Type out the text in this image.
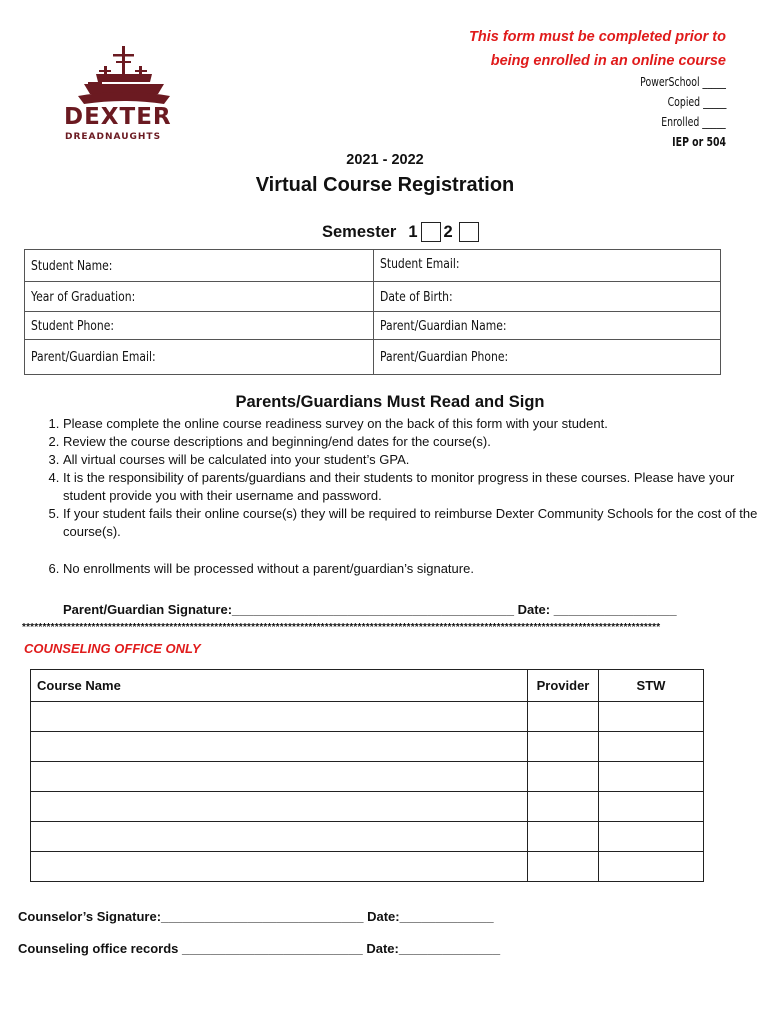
DEXTER
DREADNAUGHTS
This form must be completed prior to
being enrolled in an online course
PowerSchool _____
Copied _____
Enrolled _____
IEP or 504
2021 - 2022
Virtual Course Registration
Semester 1 2
Student Name:	Student Email:
Year of Graduation:	Date of Birth:
Student Phone:	Parent/Guardian Name:
Parent/Guardian Email:	Parent/Guardian Phone:
Parents/Guardians Must Read and Sign
1. Please complete the online course readiness survey on the back of this form with your student.
2. Review the course descriptions and beginning/end dates for the course(s).
3. All virtual courses will be calculated into your student’s GPA.
4. It is the responsibility of parents/guardians and their students to monitor progress in these courses. Please have your student provide you with their username and password.
5. If your student fails their online course(s) they will be required to reimburse Dexter Community Schools for the cost of the course(s).
6. No enrollments will be processed without a parent/guardian’s signature.
Parent/Guardian Signature:_______________________________________ Date: _________________
************************************************************************************************************************************************************
COUNSELING OFFICE ONLY
Course Name	Provider	STW

Counselor’s Signature:____________________________ Date:_____________
Counseling office records _________________________ Date:______________
